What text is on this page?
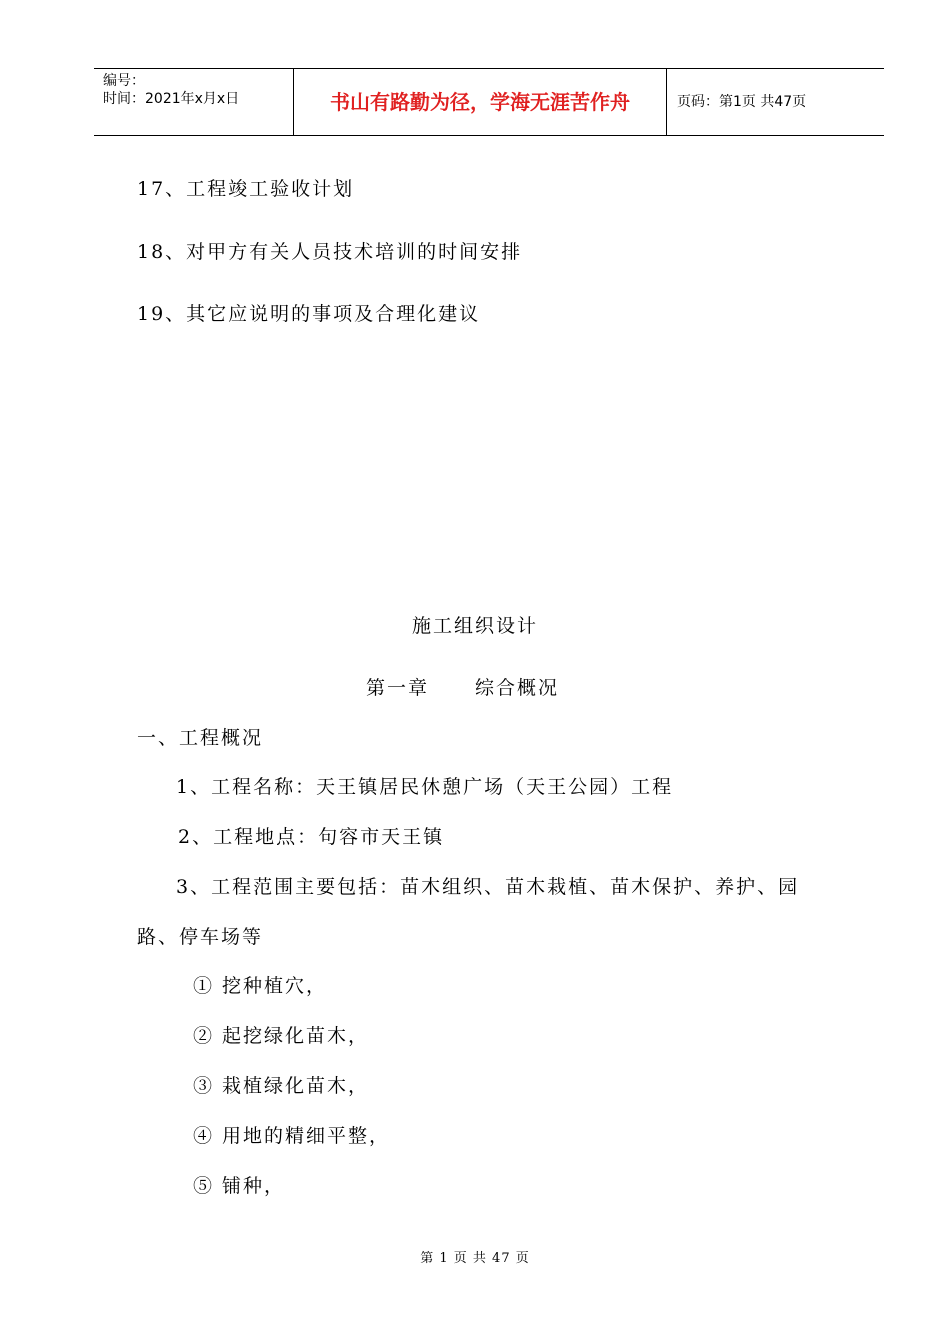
编号：
时间：2021年x月x日	书山有路勤为径，学海无涯苦作舟	页码：第1页 共47页
17、工程竣工验收计划
18、对甲方有关人员技术培训的时间安排
19、其它应说明的事项及合理化建议
施工组织设计
第一章 综合概况
一、工程概况
1、工程名称：天王镇居民休憩广场（天王公园）工程
2、工程地点：句容市天王镇
3、工程范围主要包括：苗木组织、苗木栽植、苗木保护、养护、园
路、停车场等
① 挖种植穴，
② 起挖绿化苗木，
③ 栽植绿化苗木，
④ 用地的精细平整，
⑤ 铺种，
第 1 页 共 47 页
